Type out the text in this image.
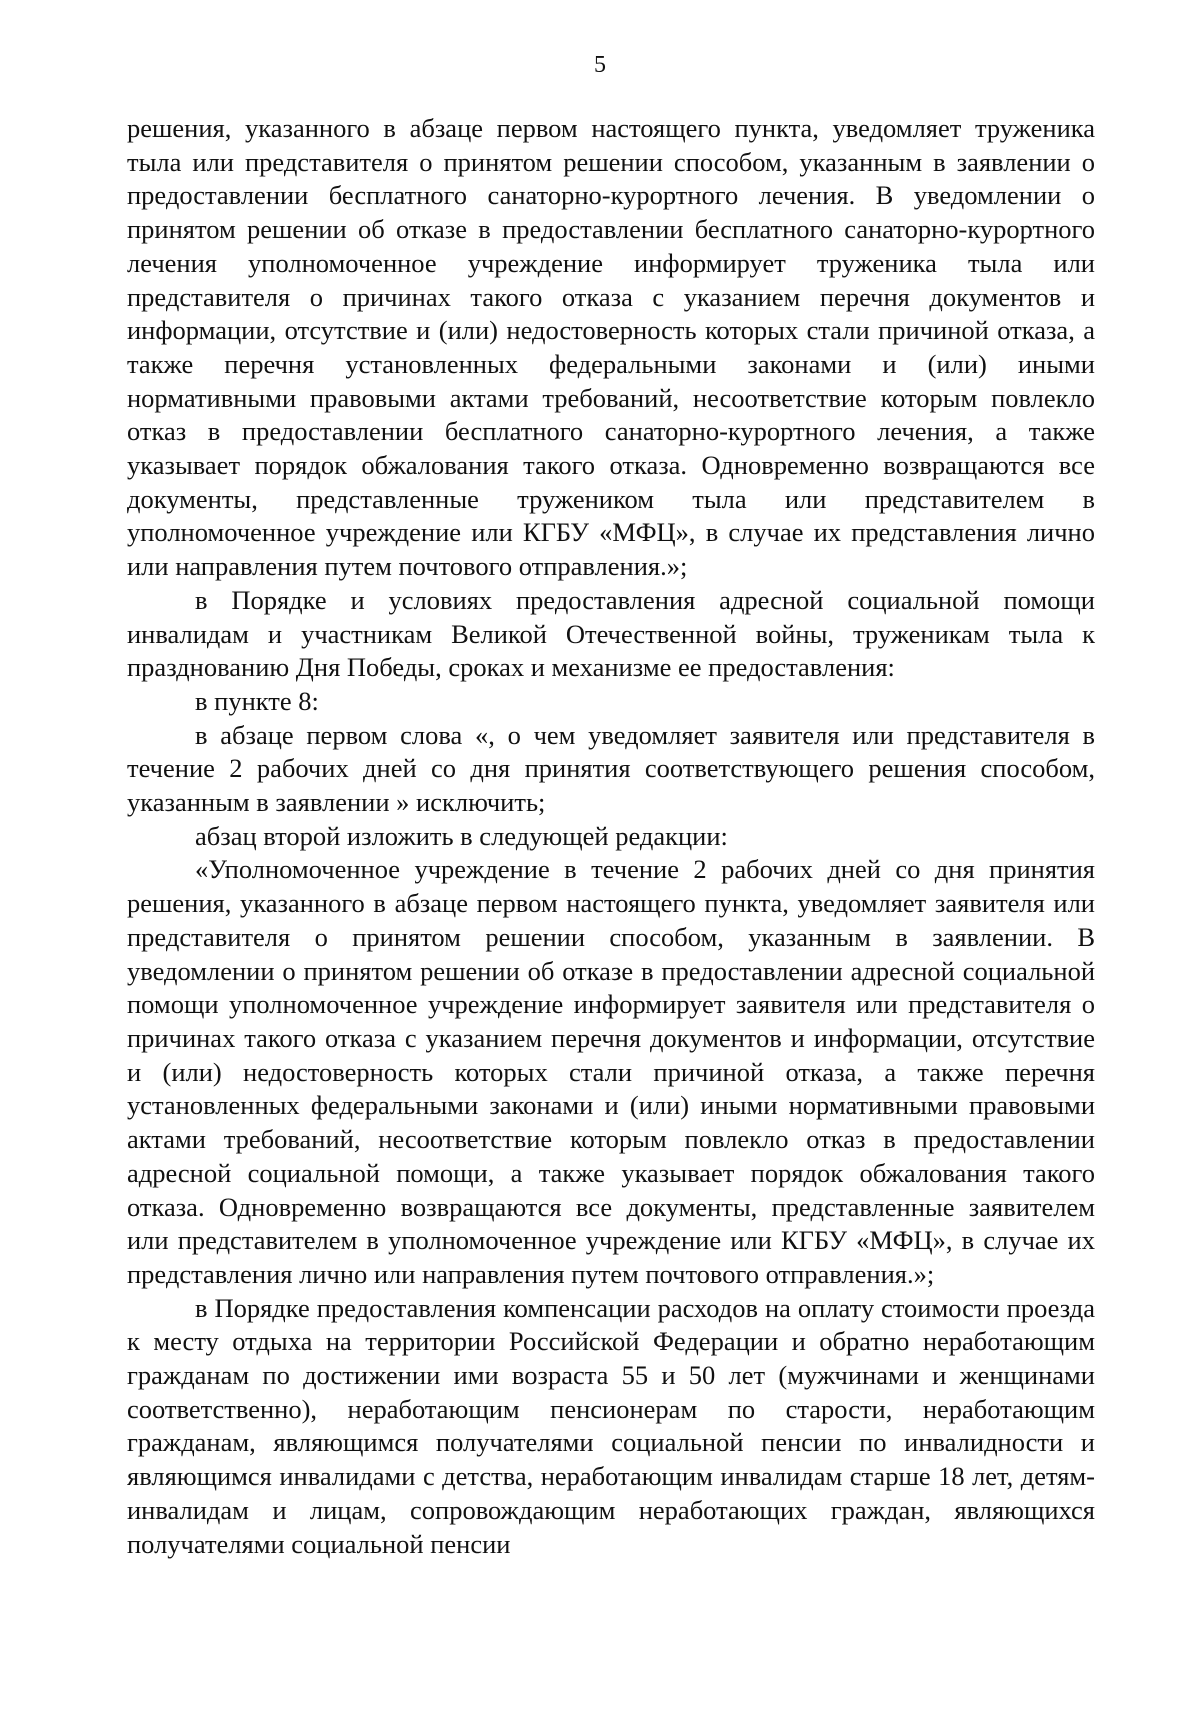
5

решения, указанного в абзаце первом настоящего пункта, уведомляет труженика тыла или представителя о принятом решении способом, указанным в заявлении о предоставлении бесплатного санаторно-курортного лечения. В уведомлении о принятом решении об отказе в предоставлении бесплатного санаторно-курортного лечения уполномоченное учреждение информирует труженика тыла или представителя о причинах такого отказа с указанием перечня документов и информации, отсутствие и (или) недостоверность которых стали причиной отказа, а также перечня установленных федеральными законами и (или) иными нормативными правовыми актами требований, несоответствие которым повлекло отказ в предоставлении бесплатного санаторно-курортного лечения, а также указывает порядок обжалования такого отказа. Одновременно возвращаются все документы, представленные тружеником тыла или представителем в уполномоченное учреждение или КГБУ «МФЦ», в случае их представления лично или направления путем почтового отправления.»;

в Порядке и условиях предоставления адресной социальной помощи инвалидам и участникам Великой Отечественной войны, труженикам тыла к празднованию Дня Победы, сроках и механизме ее предоставления:

в пункте 8:

в абзаце первом слова «, о чем уведомляет заявителя или представителя в течение 2 рабочих дней со дня принятия соответствующего решения способом, указанным в заявлении » исключить;

абзац второй изложить в следующей редакции:

«Уполномоченное учреждение в течение 2 рабочих дней со дня принятия решения, указанного в абзаце первом настоящего пункта, уведомляет заявителя или представителя о принятом решении способом, указанным в заявлении. В уведомлении о принятом решении об отказе в предоставлении адресной социальной помощи уполномоченное учреждение информирует заявителя или представителя о причинах такого отказа с указанием перечня документов и информации, отсутствие и (или) недостоверность которых стали причиной отказа, а также перечня установленных федеральными законами и (или) иными нормативными правовыми актами требований, несоответствие которым повлекло отказ в предоставлении адресной социальной помощи, а также указывает порядок обжалования такого отказа. Одновременно возвращаются все документы, представленные заявителем или представителем в уполномоченное учреждение или КГБУ «МФЦ», в случае их представления лично или направления путем почтового отправления.»;

в Порядке предоставления компенсации расходов на оплату стоимости проезда к месту отдыха на территории Российской Федерации и обратно неработающим гражданам по достижении ими возраста 55 и 50 лет (мужчинами и женщинами соответственно), неработающим пенсионерам по старости, неработающим гражданам, являющимся получателями социальной пенсии по инвалидности и являющимся инвалидами с детства, неработающим инвалидам старше 18 лет, детям-инвалидам и лицам, сопровождающим неработающих граждан, являющихся получателями социальной пенсии
